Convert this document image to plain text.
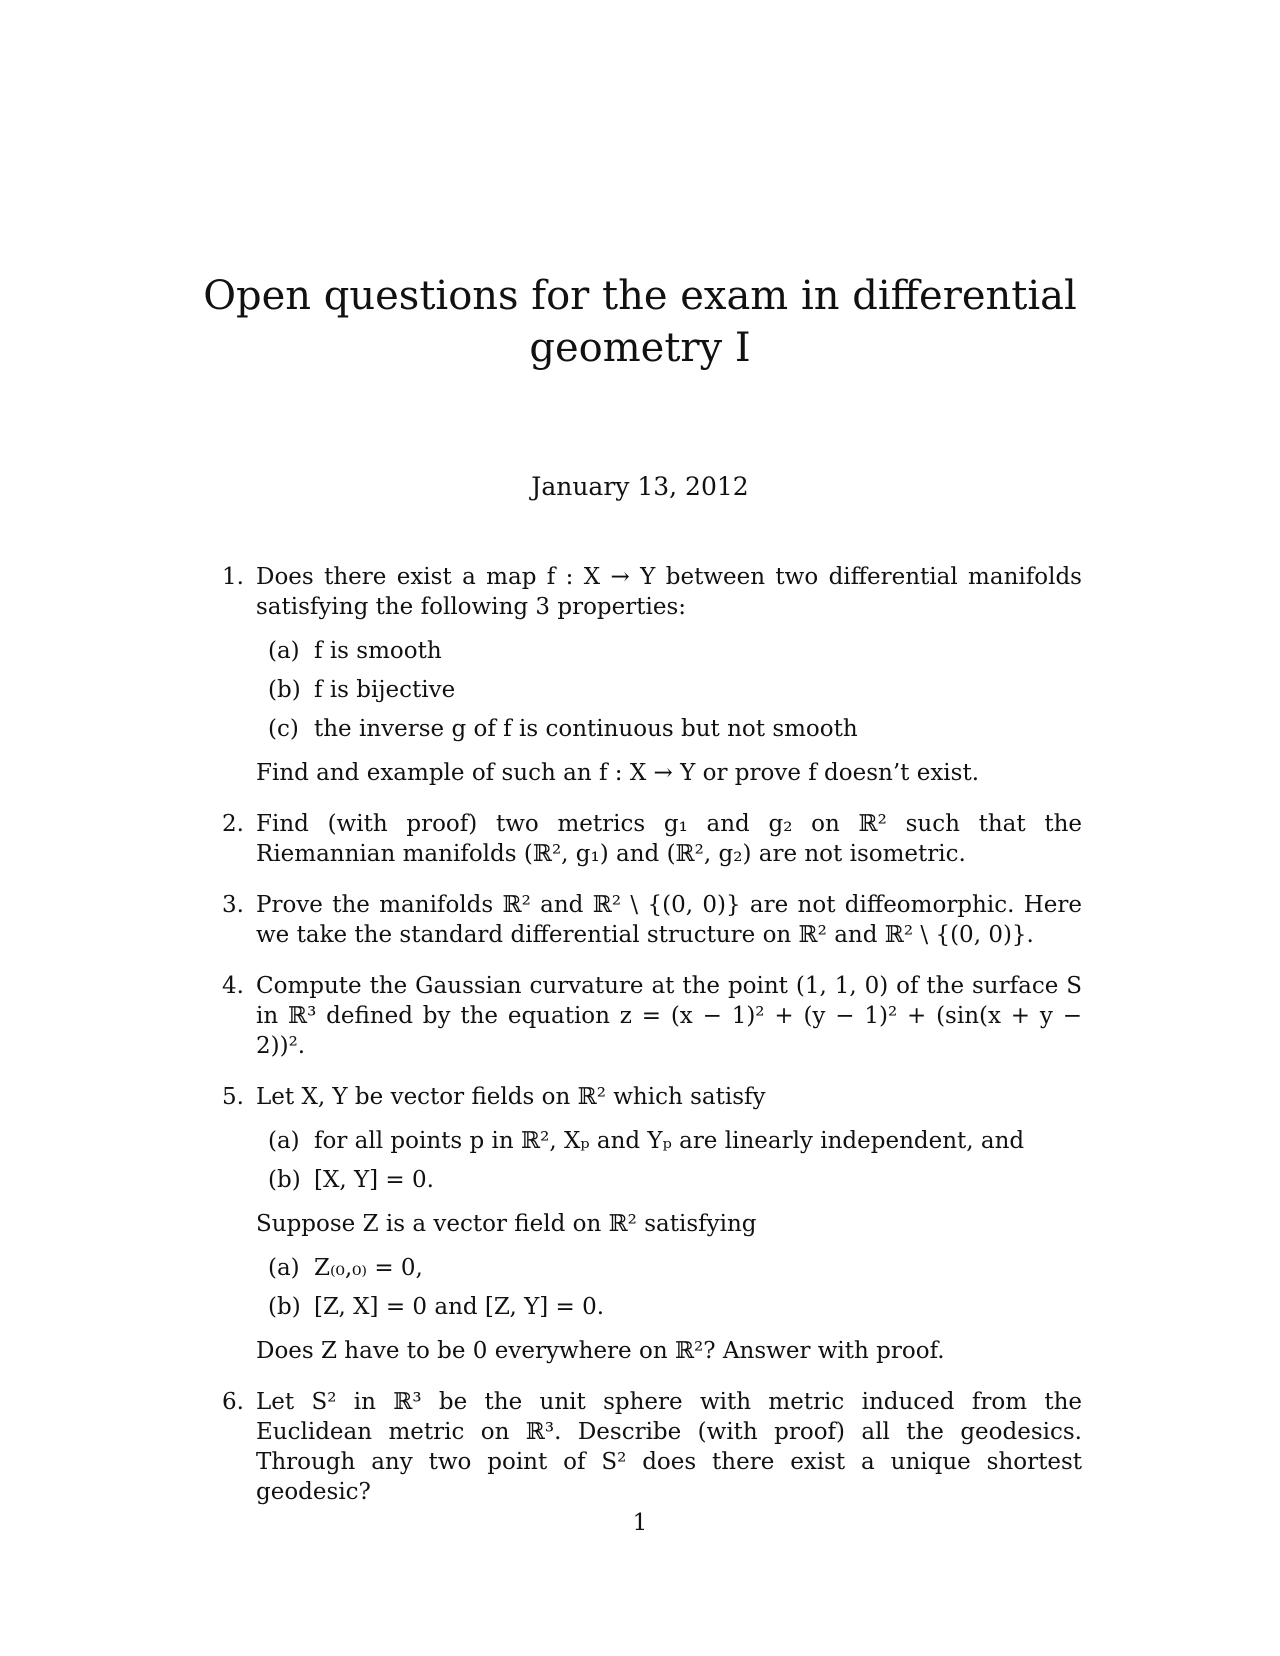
Open questions for the exam in differential
geometry I
January 13, 2012
1. Does there exist a map f : X → Y between two differential manifolds satisfying the following 3 properties:
(a) f is smooth
(b) f is bijective
(c) the inverse g of f is continuous but not smooth
Find and example of such an f : X → Y or prove f doesn’t exist.
2. Find (with proof) two metrics g₁ and g₂ on ℝ² such that the Riemannian manifolds (ℝ², g₁) and (ℝ², g₂) are not isometric.
3. Prove the manifolds ℝ² and ℝ² \ {(0, 0)} are not diffeomorphic. Here we take the standard differential structure on ℝ² and ℝ² \ {(0, 0)}.
4. Compute the Gaussian curvature at the point (1, 1, 0) of the surface S in ℝ³ defined by the equation z = (x − 1)² + (y − 1)² + (sin(x + y − 2))².
5. Let X, Y be vector fields on ℝ² which satisfy
(a) for all points p in ℝ², Xₚ and Yₚ are linearly independent, and
(b) [X, Y] = 0.
Suppose Z is a vector field on ℝ² satisfying
(a) Z₍₀,₀₎ = 0,
(b) [Z, X] = 0 and [Z, Y] = 0.
Does Z have to be 0 everywhere on ℝ²? Answer with proof.
6. Let S² in ℝ³ be the unit sphere with metric induced from the Euclidean metric on ℝ³. Describe (with proof) all the geodesics. Through any two point of S² does there exist a unique shortest geodesic?
1
